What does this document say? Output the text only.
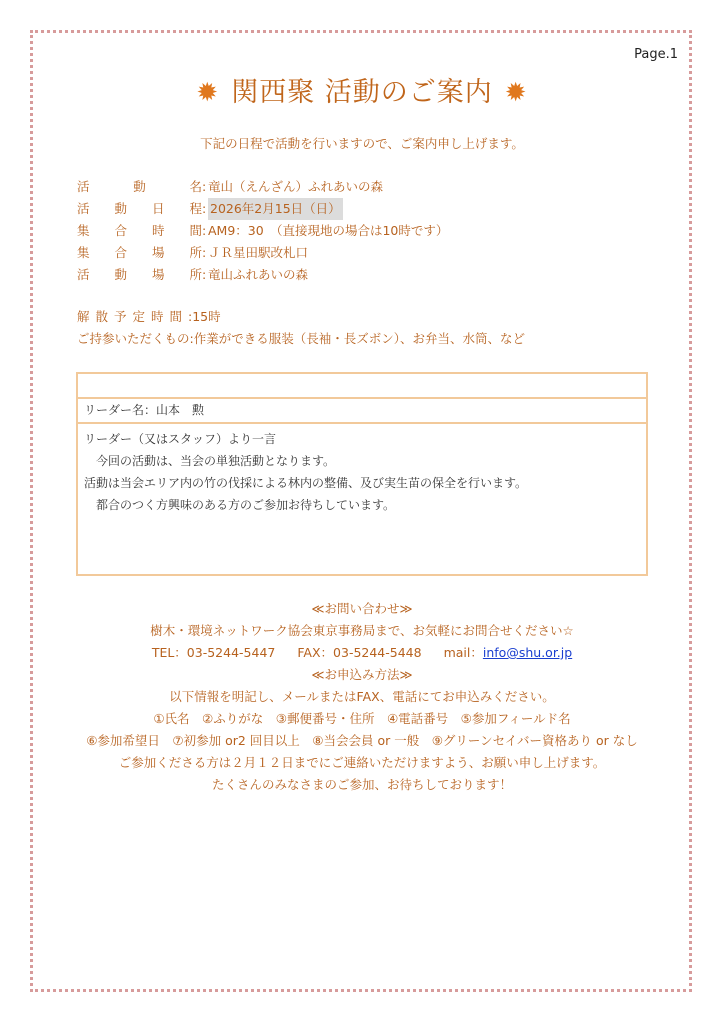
Page.1
✹ 関西聚 活動のご案内 ✹
下記の日程で活動を行いますので、ご案内申し上げます。
活	動	名 : 竜山（えんざん）ふれあいの森
活 動 日 程 : 2026年2月15日（日）
集 合 時 間 : AM9：30　（直接現地の場合は10時です）
集 合 場 所 : ＪＲ星田駅改札口
活 動 場 所 : 竜山ふれあいの森
解散予定時間:15時
ご持参いただくもの:作業ができる服装（長袖・長ズボン）、お弁当、水筒、など
リーダー名：山本　勲
リーダー（又はスタッフ）より一言
　今回の活動は、当会の単独活動となります。
活動は当会エリア内の竹の伐採による林内の整備、及び実生苗の保全を行います。
　都合のつく方興味のある方のご参加お待ちしています。
≪お問い合わせ≫
樹木・環境ネットワーク協会東京事務局まで、お気軽にお問合せください☆
TEL：03-5244-5447 FAX：03-5244-5448 mail：info@shu.or.jp
≪お申込み方法≫
以下情報を明記し、メールまたはFAX、電話にてお申込みください。
①氏名　②ふりがな　③郵便番号・住所　④電話番号　⑤参加フィールド名
⑥参加希望日　⑦初参加 or2 回目以上　⑧当会会員 or 一般　⑨グリーンセイバー資格あり or なし
ご参加くださる方は２月１２日までにご連絡いただけますよう、お願い申し上げます。
たくさんのみなさまのご参加、お待ちしております！
